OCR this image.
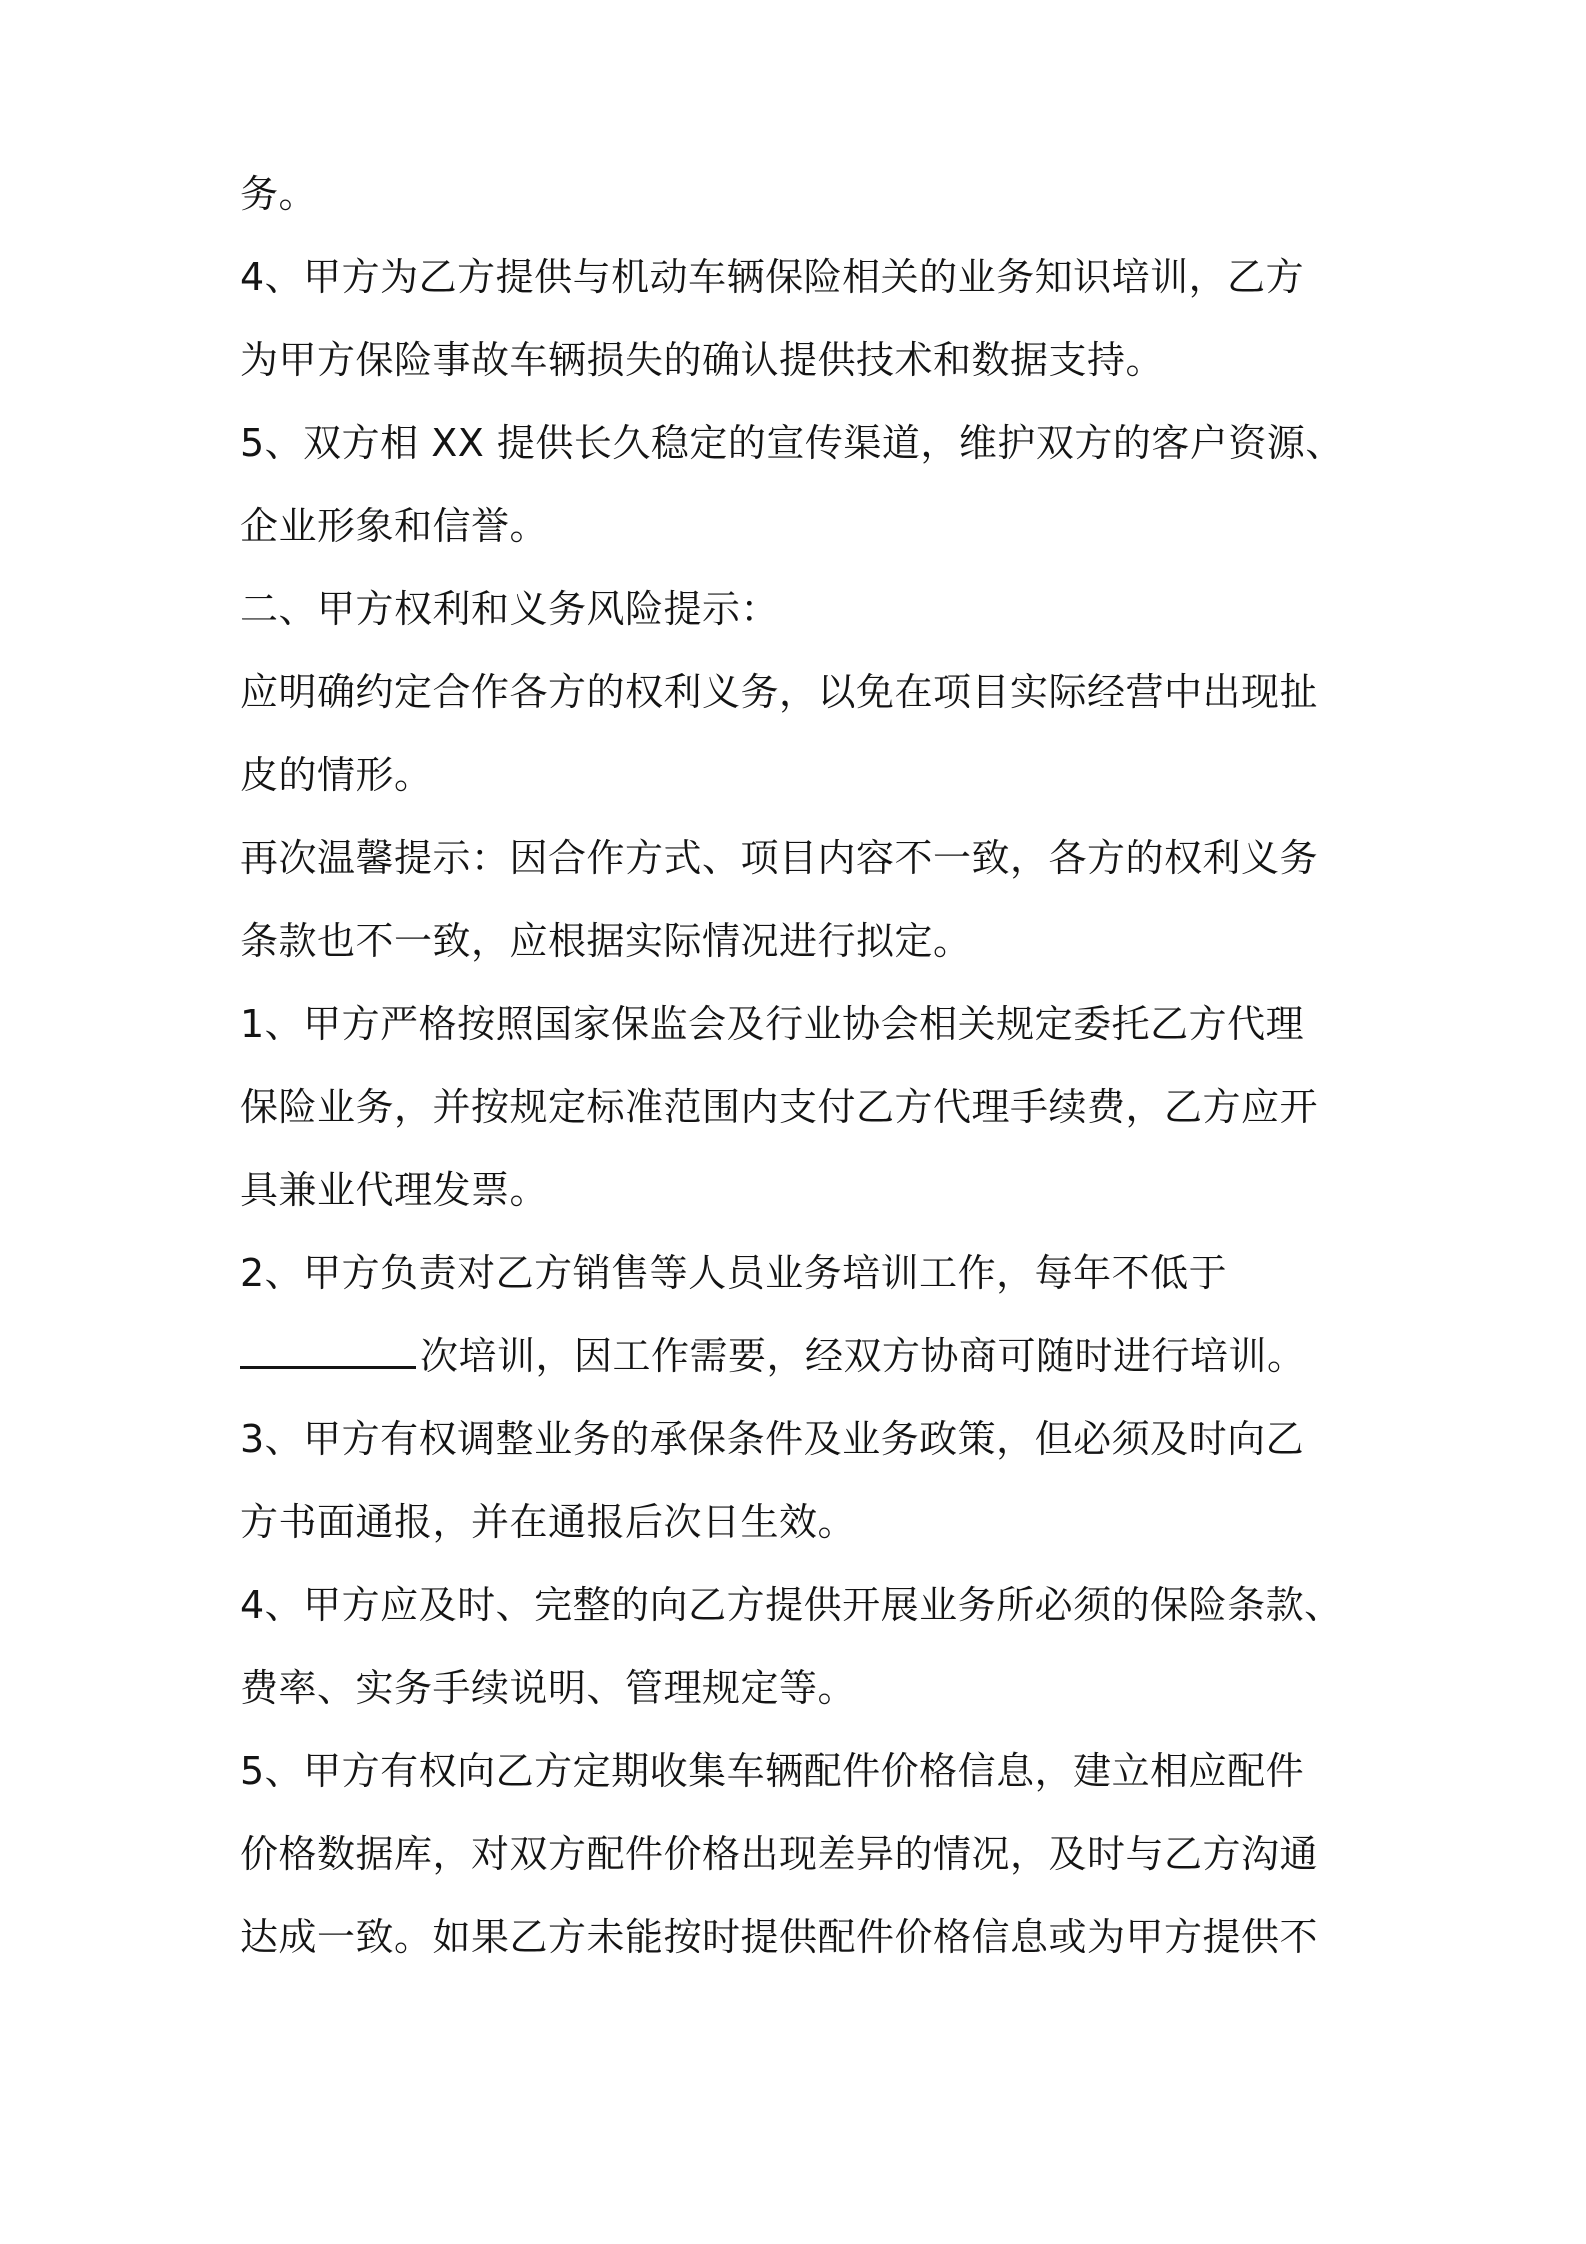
务。
4、甲方为乙方提供与机动车辆保险相关的业务知识培训，乙方
为甲方保险事故车辆损失的确认提供技术和数据支持。
5、双方相 XX 提供长久稳定的宣传渠道，维护双方的客户资源、
企业形象和信誉。
二、甲方权利和义务风险提示：
应明确约定合作各方的权利义务，以免在项目实际经营中出现扯
皮的情形。
再次温馨提示：因合作方式、项目内容不一致，各方的权利义务
条款也不一致，应根据实际情况进行拟定。
1、甲方严格按照国家保监会及行业协会相关规定委托乙方代理
保险业务，并按规定标准范围内支付乙方代理手续费，乙方应开
具兼业代理发票。
2、甲方负责对乙方销售等人员业务培训工作，每年不低于
次培训，因工作需要，经双方协商可随时进行培训。
3、甲方有权调整业务的承保条件及业务政策，但必须及时向乙
方书面通报，并在通报后次日生效。
4、甲方应及时、完整的向乙方提供开展业务所必须的保险条款、
费率、实务手续说明、管理规定等。
5、甲方有权向乙方定期收集车辆配件价格信息，建立相应配件
价格数据库，对双方配件价格出现差异的情况，及时与乙方沟通
达成一致。如果乙方未能按时提供配件价格信息或为甲方提供不
